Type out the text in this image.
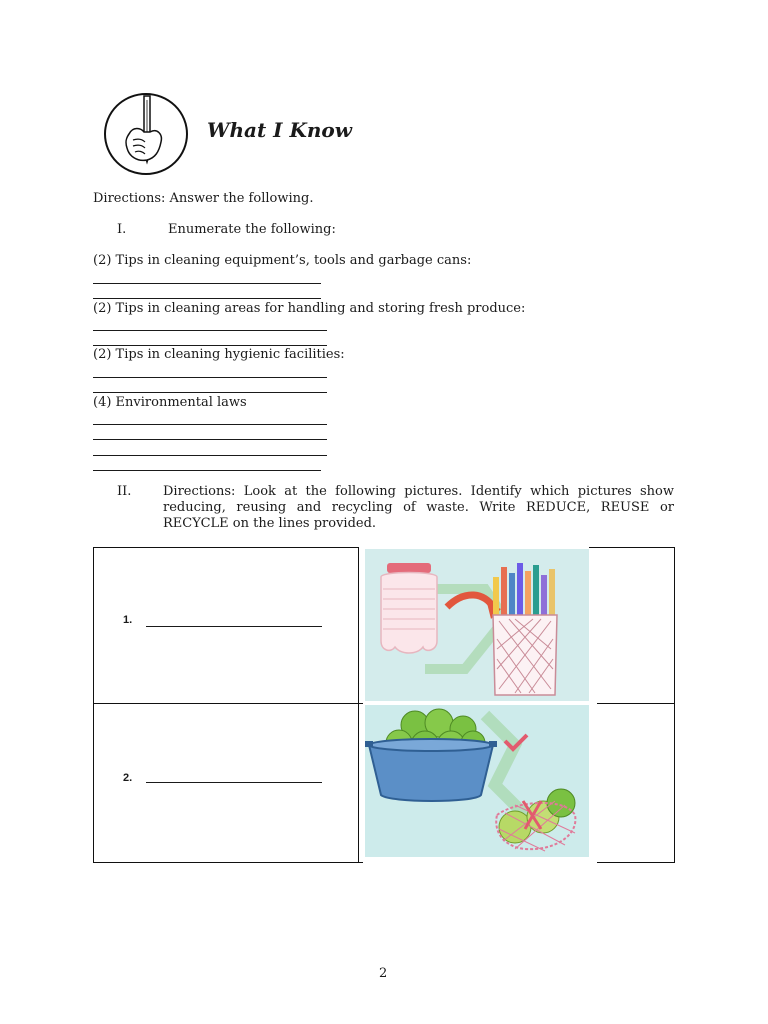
What I Know
Directions: Answer the following.
I.	Enumerate the following:
(2) Tips in cleaning equipment’s, tools and garbage cans:
(2) Tips in cleaning areas for handling and storing fresh produce:
(2) Tips in cleaning hygienic facilities:
(4) Environmental laws
II. Directions: Look at the following pictures. Identify which pictures show reducing, reusing and recycling of waste. Write REDUCE, REUSE or RECYCLE on the lines provided.
1.
2.
2
